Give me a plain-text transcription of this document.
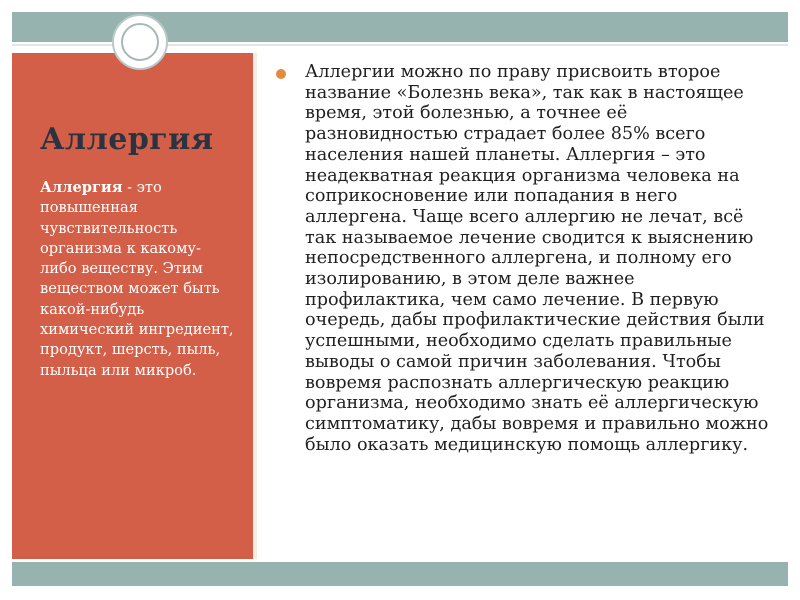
Аллергия

Аллергия - это повышенная чувствительность организма к какому-либо веществу. Этим веществом может быть какой-нибудь химический ингредиент, продукт, шерсть, пыль, пыльца или микроб.

Аллергии можно по праву присвоить второе название «Болезнь века», так как в настоящее время, этой болезнью, а точнее её разновидностью страдает более 85% всего населения нашей планеты. Аллергия – это неадекватная реакция организма человека на соприкосновение или попадания в него аллергена. Чаще всего аллергию не лечат, всё так называемое лечение сводится к выяснению непосредственного аллергена, и полному его изолированию, в этом деле важнее профилактика, чем само лечение. В первую очередь, дабы профилактические действия были успешными, необходимо сделать правильные выводы о самой причин заболевания. Чтобы вовремя распознать аллергическую реакцию организма, необходимо знать её аллергическую симптоматику, дабы вовремя и правильно можно было оказать медицинскую помощь аллергику.
